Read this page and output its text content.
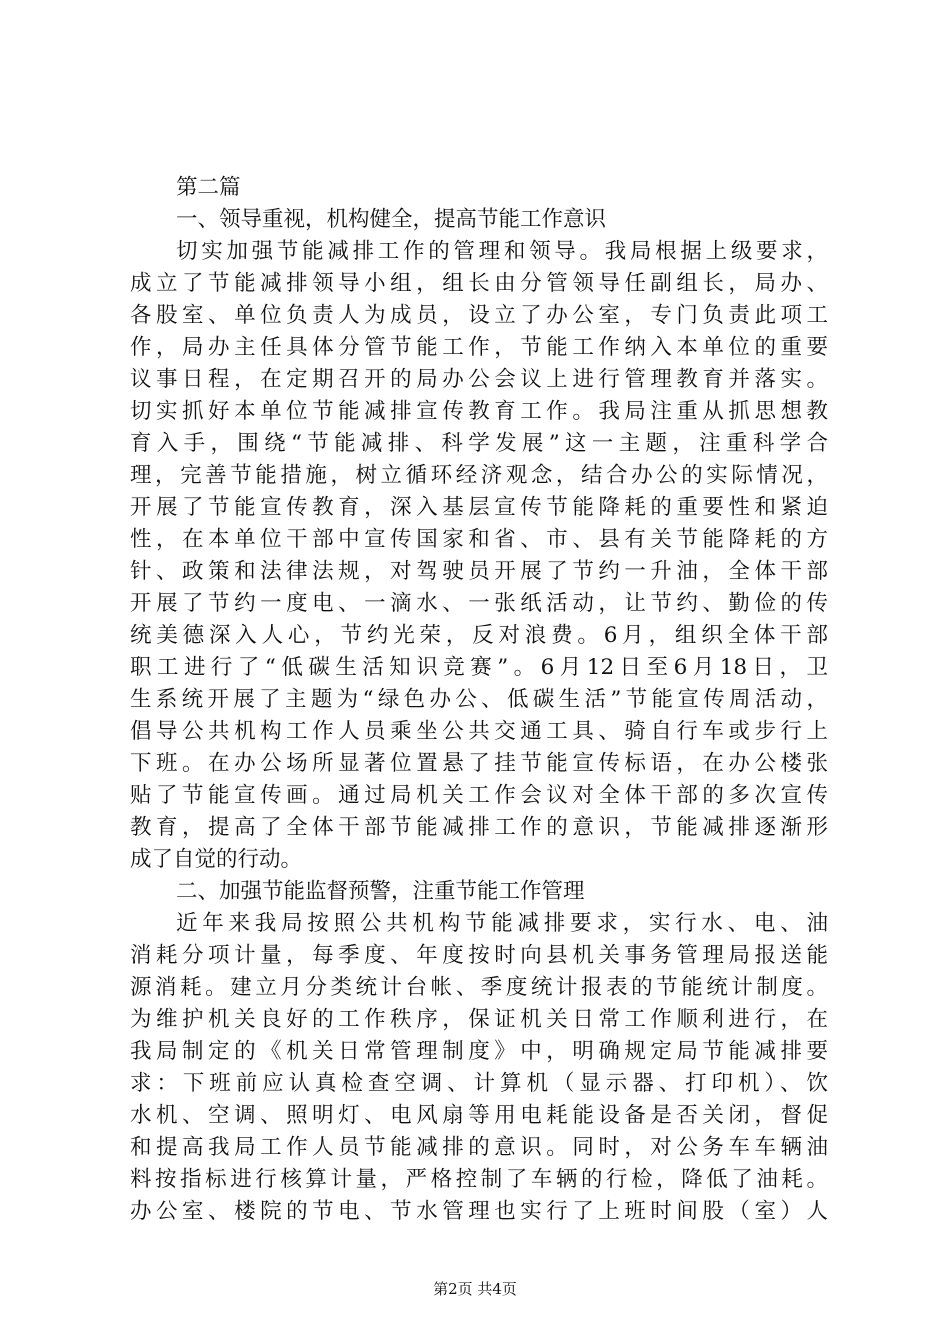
第二篇
一、领导重视，机构健全，提高节能工作意识
切实加强节能减排工作的管理和领导。我局根据上级要求，
成立了节能减排领导小组，组长由分管领导任副组长，局办、
各股室、单位负责人为成员，设立了办公室，专门负责此项工
作，局办主任具体分管节能工作，节能工作纳入本单位的重要
议事日程，在定期召开的局办公会议上进行管理教育并落实。
切实抓好本单位节能减排宣传教育工作。我局注重从抓思想教
育入手，围绕“节能减排、科学发展”这一主题，注重科学合
理，完善节能措施，树立循环经济观念，结合办公的实际情况，
开展了节能宣传教育，深入基层宣传节能降耗的重要性和紧迫
性，在本单位干部中宣传国家和省、市、县有关节能降耗的方
针、政策和法律法规，对驾驶员开展了节约一升油，全体干部
开展了节约一度电、一滴水、一张纸活动，让节约、勤俭的传
统美德深入人心，节约光荣，反对浪费。6月，组织全体干部
职工进行了“低碳生活知识竞赛”。6月12日至6月18日，卫
生系统开展了主题为“绿色办公、低碳生活”节能宣传周活动，
倡导公共机构工作人员乘坐公共交通工具、骑自行车或步行上
下班。在办公场所显著位置悬了挂节能宣传标语，在办公楼张
贴了节能宣传画。通过局机关工作会议对全体干部的多次宣传
教育，提高了全体干部节能减排工作的意识，节能减排逐渐形
成了自觉的行动。
二、加强节能监督预警，注重节能工作管理
近年来我局按照公共机构节能减排要求，实行水、电、油
消耗分项计量，每季度、年度按时向县机关事务管理局报送能
源消耗。建立月分类统计台帐、季度统计报表的节能统计制度。
为维护机关良好的工作秩序，保证机关日常工作顺利进行，在
我局制定的《机关日常管理制度》中，明确规定局节能减排要
求：下班前应认真检查空调、计算机（显示器、打印机）、饮
水机、空调、照明灯、电风扇等用电耗能设备是否关闭，督促
和提高我局工作人员节能减排的意识。同时，对公务车车辆油
料按指标进行核算计量，严格控制了车辆的行检，降低了油耗。
办公室、楼院的节电、节水管理也实行了上班时间股（室）人
第2页 共4页
